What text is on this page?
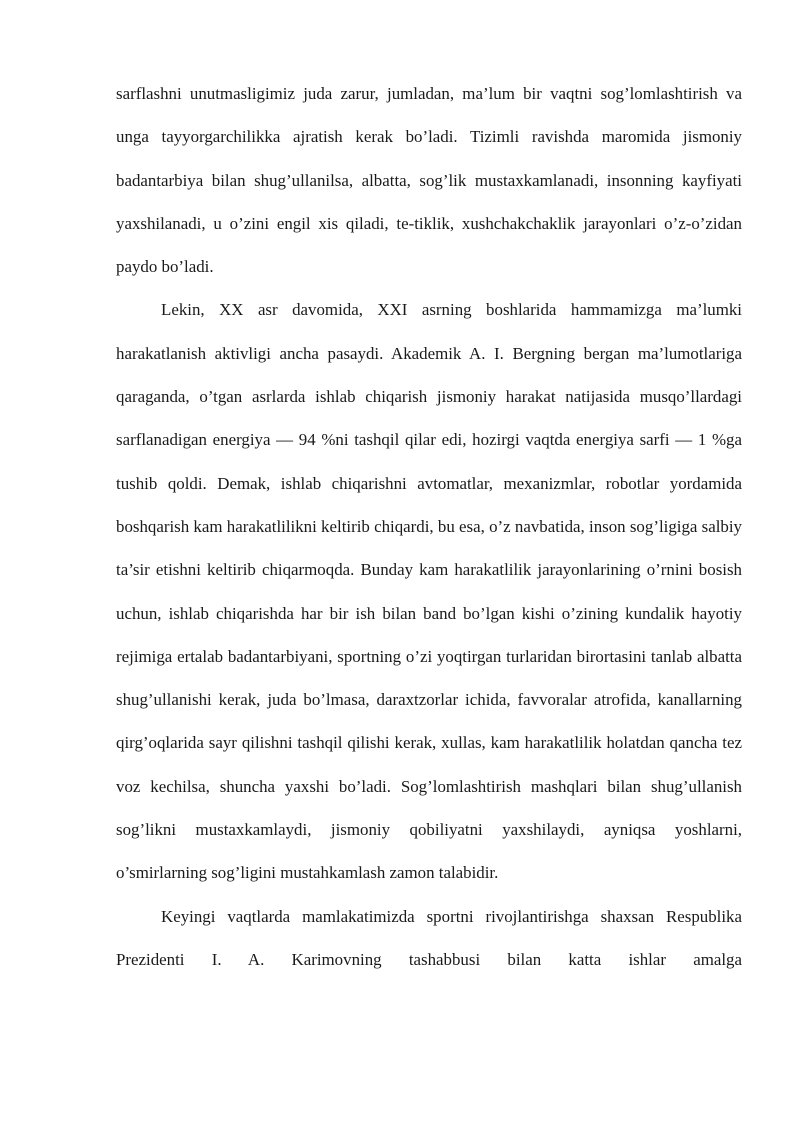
sarflashni unutmasligimiz juda zarur, jumladan, ma’lum bir vaqtni sog’lomlashtirish va unga tayyorgarchilikka ajratish kerak bo’ladi. Tizimli ravishda maromida jismoniy badantarbiya bilan shug’ullanilsa, albatta, sog’lik mustaxkamlanadi, insonning kayfiyati yaxshilanadi, u o’zini engil xis qiladi, te-tiklik, xushchakchaklik jarayonlari o’z-o’zidan paydo bo’ladi.

Lekin, XX asr davomida, XXI asrning boshlarida hammamizga ma’lumki harakatlanish aktivligi ancha pasaydi. Akademik A. I. Bergning bergan ma’lumotlariga qaraganda, o’tgan asrlarda ishlab chiqarish jismoniy harakat natijasida musqo’llardagi sarflanadigan energiya — 94 %ni tashqil qilar edi, hozirgi vaqtda energiya sarfi — 1 %ga tushib qoldi. Demak, ishlab chiqarishni avtomatlar, mexanizmlar, robotlar yordamida boshqarish kam harakatlilikni keltirib chiqardi, bu esa, o’z navbatida, inson sog’ligiga salbiy ta’sir etishni keltirib chiqarmoqda. Bunday kam harakatlilik jarayonlarining o’rnini bosish uchun, ishlab chiqarishda har bir ish bilan band bo’lgan kishi o’zining kundalik hayotiy rejimiga ertalab badantarbiyani, sportning o’zi yoqtirgan turlaridan birortasini tanlab albatta shug’ullanishi kerak, juda bo’lmasa, daraxtzorlar ichida, favvoralar atrofida, kanallarning qirg’oqlarida sayr qilishni tashqil qilishi kerak, xullas, kam harakatlilik holatdan qancha tez voz kechilsa, shuncha yaxshi bo’ladi. Sog’lomlashtirish mashqlari bilan shug’ullanish sog’likni mustaxkamlaydi, jismoniy qobiliyatni yaxshilaydi, ayniqsa yoshlarni, o’smirlarning sog’ligini mustahkamlash zamon talabidir.

Keyingi vaqtlarda mamlakatimizda sportni rivojlantirishga shaxsan Respublika Prezidenti I. A. Karimovning tashabbusi bilan katta ishlar amalga
